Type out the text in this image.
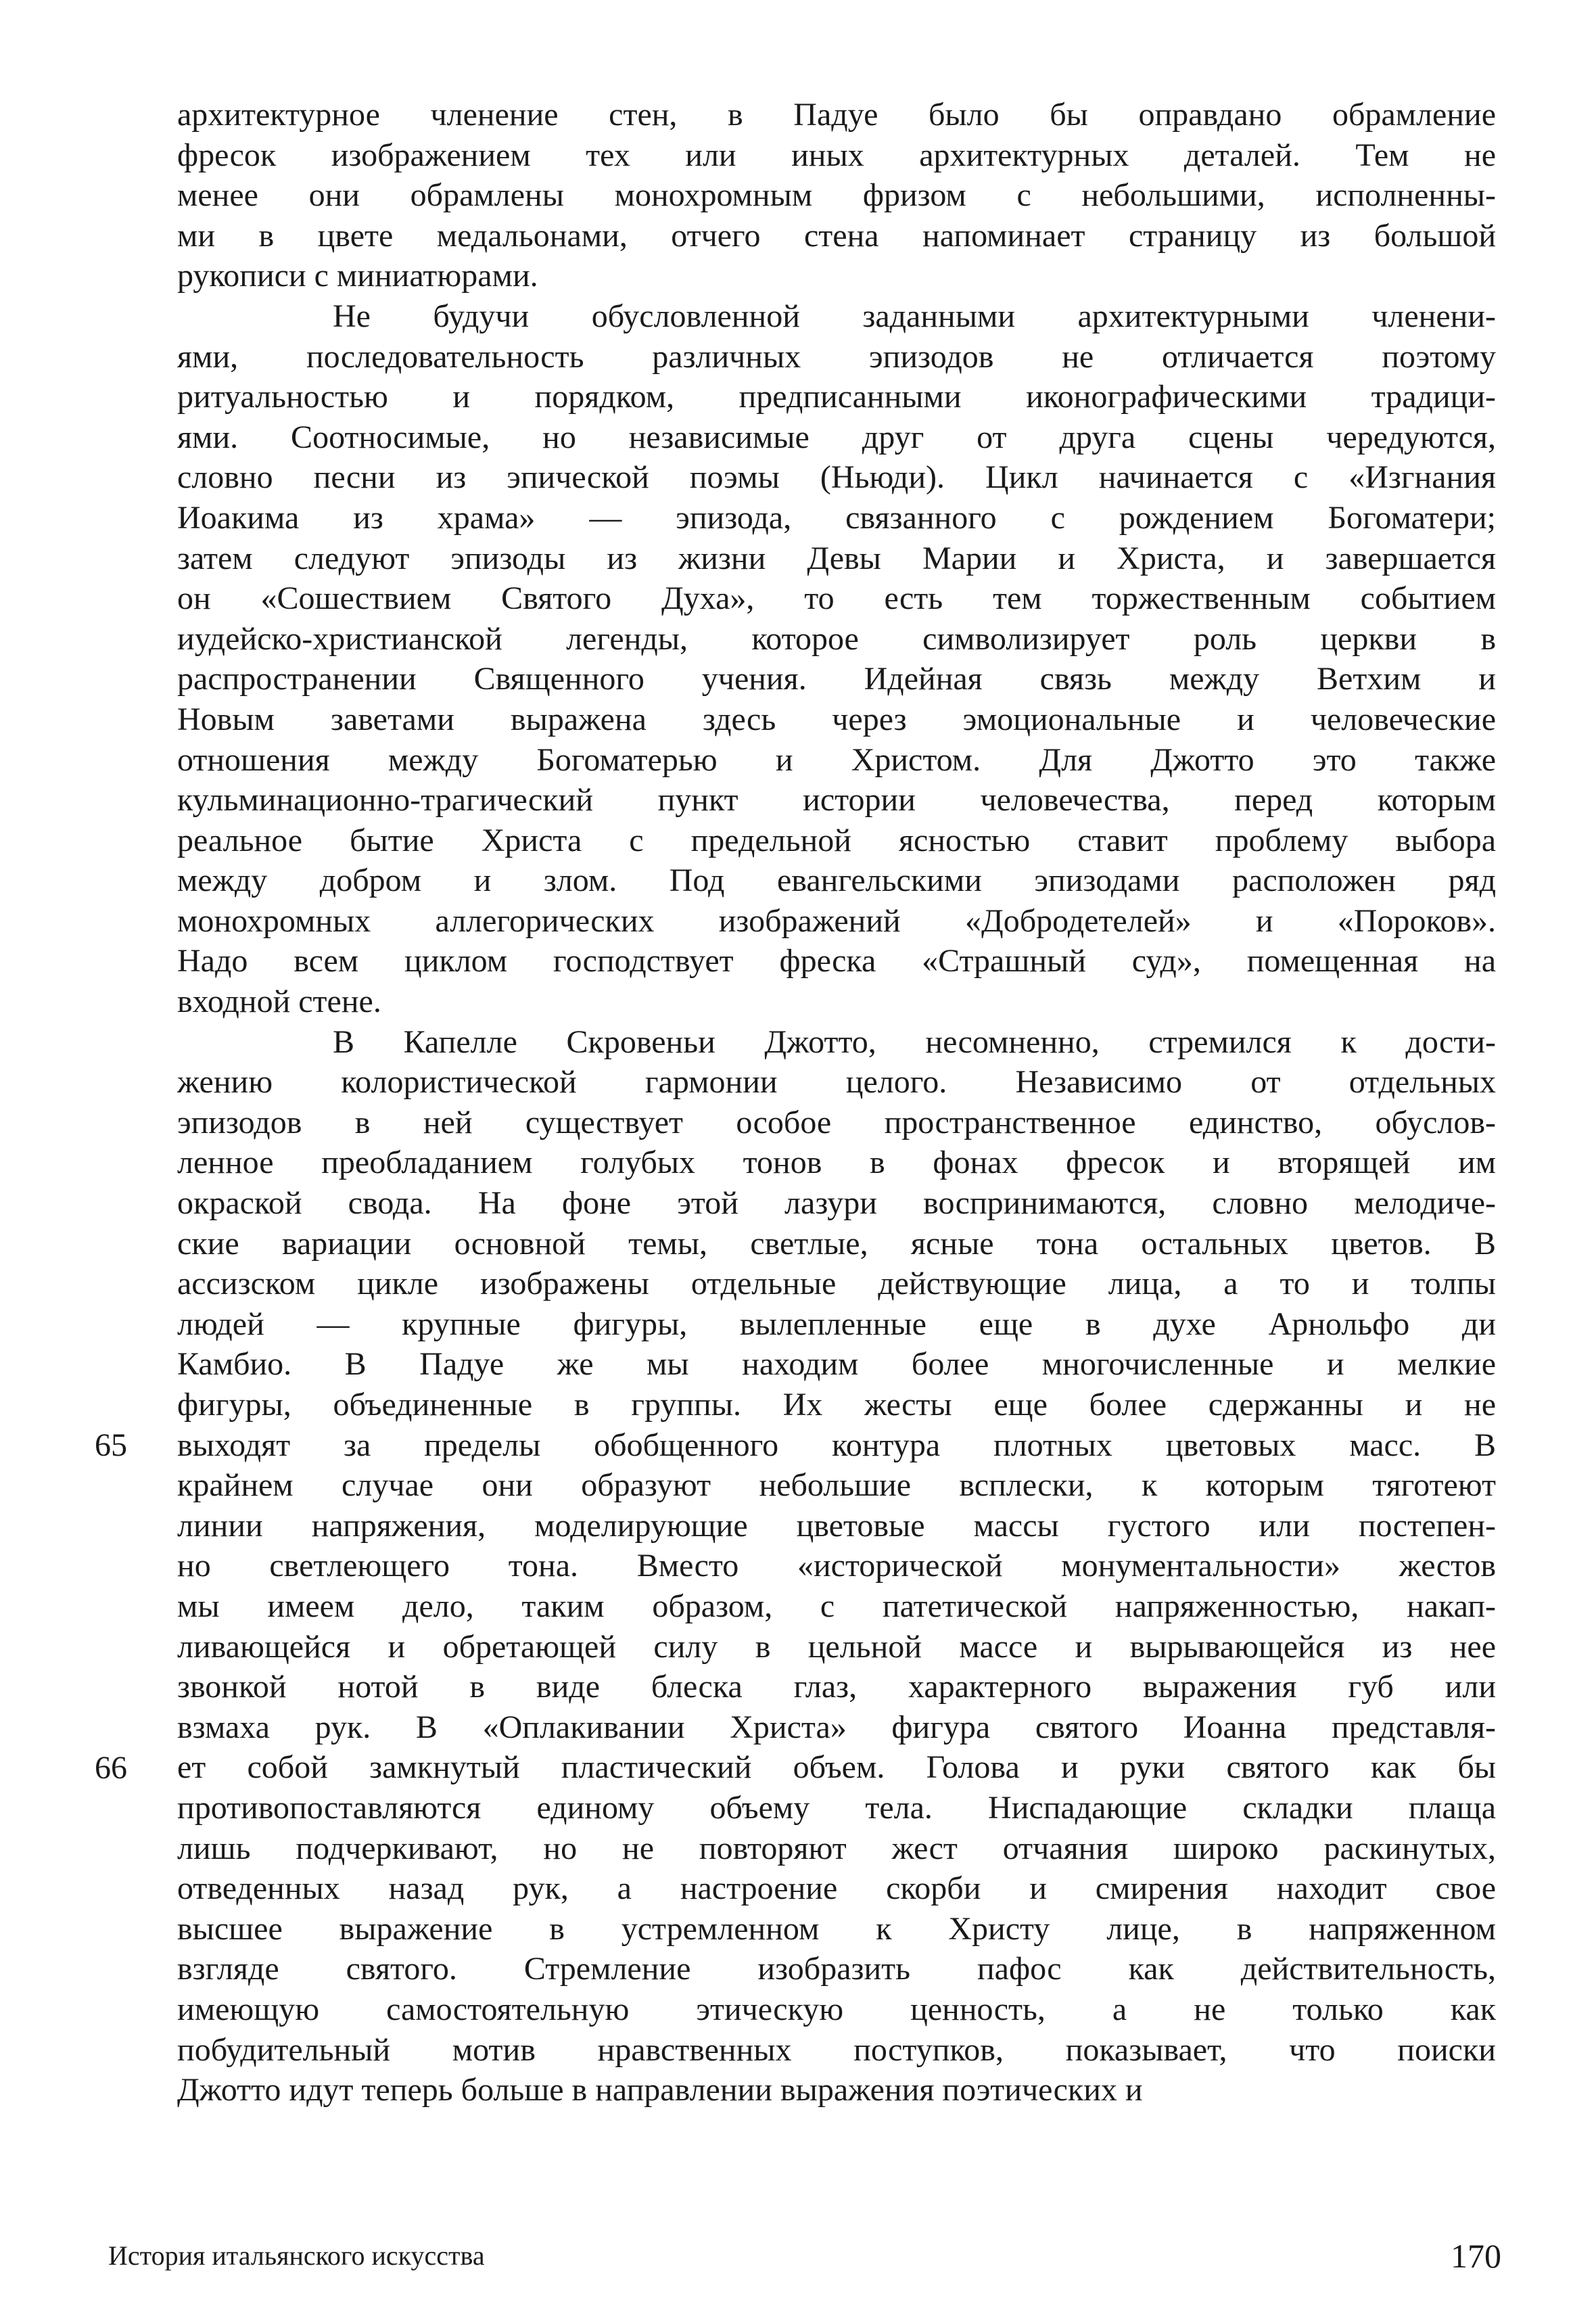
архитектурное членение стен, в Падуе было бы оправдано обрамление
фресок изображением тех или иных архитектурных деталей. Тем не
менее они обрамлены монохромным фризом с небольшими, исполненны-
ми в цвете медальонами, отчего стена напоминает страницу из большой
рукописи с миниатюрами.
Не будучи обусловленной заданными архитектурными членени-
ями, последовательность различных эпизодов не отличается поэтому
ритуальностью и порядком, предписанными иконографическими традици-
ями. Соотносимые, но независимые друг от друга сцены чередуются,
словно песни из эпической поэмы (Ньюди). Цикл начинается с «Изгнания
Иоакима из храма» — эпизода, связанного с рождением Богоматери;
затем следуют эпизоды из жизни Девы Марии и Христа, и завершается
он «Сошествием Святого Духа», то есть тем торжественным событием
иудейско-христианской легенды, которое символизирует роль церкви в
распространении Священного учения. Идейная связь между Ветхим и
Новым заветами выражена здесь через эмоциональные и человеческие
отношения между Богоматерью и Христом. Для Джотто это также
кульминационно-трагический пункт истории человечества, перед которым
реальное бытие Христа с предельной ясностью ставит проблему выбора
между добром и злом. Под евангельскими эпизодами расположен ряд
монохромных аллегорических изображений «Добродетелей» и «Пороков».
Надо всем циклом господствует фреска «Страшный суд», помещенная на
входной стене.
В Капелле Скровеньи Джотто, несомненно, стремился к дости-
жению колористической гармонии целого. Независимо от отдельных
эпизодов в ней существует особое пространственное единство, обуслов-
ленное преобладанием голубых тонов в фонах фресок и вторящей им
окраской свода. На фоне этой лазури воспринимаются, словно мелодиче-
ские вариации основной темы, светлые, ясные тона остальных цветов. В
ассизском цикле изображены отдельные действующие лица, а то и толпы
людей — крупные фигуры, вылепленные еще в духе Арнольфо ди
Камбио. В Падуе же мы находим более многочисленные и мелкие
фигуры, объединенные в группы. Их жесты еще более сдержанны и не
выходят за пределы обобщенного контура плотных цветовых масс. В
крайнем случае они образуют небольшие всплески, к которым тяготеют
линии напряжения, моделирующие цветовые массы густого или постепен-
но светлеющего тона. Вместо «исторической монументальности» жестов
мы имеем дело, таким образом, с патетической напряженностью, накап-
ливающейся и обретающей силу в цельной массе и вырывающейся из нее
звонкой нотой в виде блеска глаз, характерного выражения губ или
взмаха рук. В «Оплакивании Христа» фигура святого Иоанна представля-
ет собой замкнутый пластический объем. Голова и руки святого как бы
противопоставляются единому объему тела. Ниспадающие складки плаща
лишь подчеркивают, но не повторяют жест отчаяния широко раскинутых,
отведенных назад рук, а настроение скорби и смирения находит свое
высшее выражение в устремленном к Христу лице, в напряженном
взгляде святого. Стремление изобразить пафос как действительность,
имеющую самостоятельную этическую ценность, а не только как
побудительный мотив нравственных поступков, показывает, что поиски
Джотто идут теперь больше в направлении выражения поэтических и
65
66
История итальянского искусства	170
